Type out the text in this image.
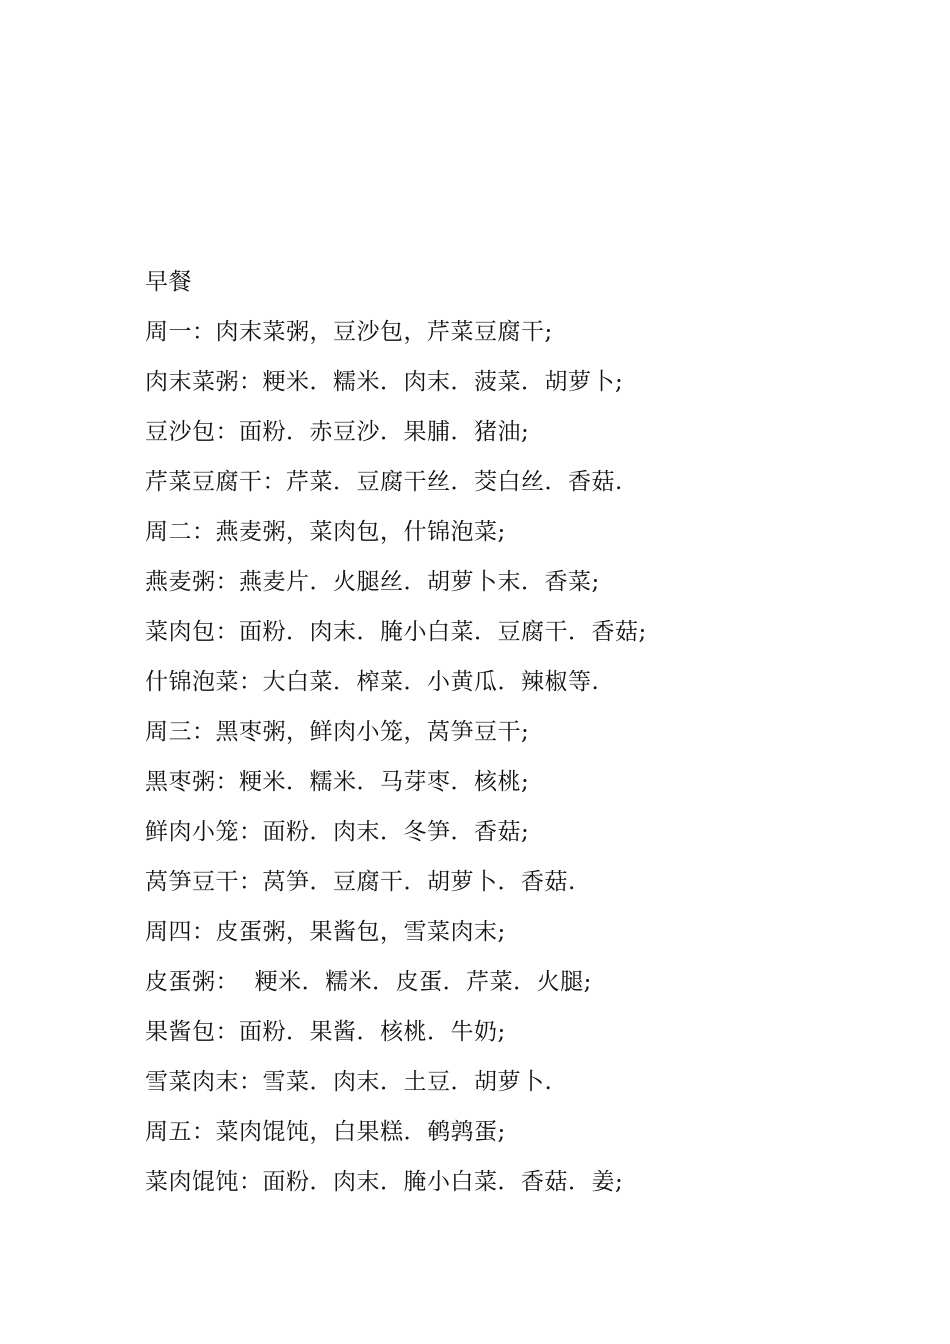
早餐
周一：肉末菜粥，豆沙包，芹菜豆腐干;
肉末菜粥：粳米．糯米．肉末．菠菜．胡萝卜;
豆沙包：面粉．赤豆沙．果脯．猪油;
芹菜豆腐干：芹菜．豆腐干丝．茭白丝．香菇.
周二：燕麦粥，菜肉包，什锦泡菜;
燕麦粥：燕麦片．火腿丝．胡萝卜末．香菜;
菜肉包：面粉．肉末．腌小白菜．豆腐干．香菇;
什锦泡菜：大白菜．榨菜．小黄瓜．辣椒等.
周三：黑枣粥，鲜肉小笼，莴笋豆干;
黑枣粥：粳米．糯米．马芽枣．核桃;
鲜肉小笼：面粉．肉末．冬笋．香菇;
莴笋豆干：莴笋．豆腐干．胡萝卜．香菇.
周四：皮蛋粥，果酱包，雪菜肉末;
皮蛋粥：  粳米．糯米．皮蛋．芹菜．火腿;
果酱包：面粉．果酱．核桃．牛奶;
雪菜肉末：雪菜．肉末．土豆．胡萝卜.
周五：菜肉馄饨，白果糕．鹌鹑蛋;
菜肉馄饨：面粉．肉末．腌小白菜．香菇．姜;
